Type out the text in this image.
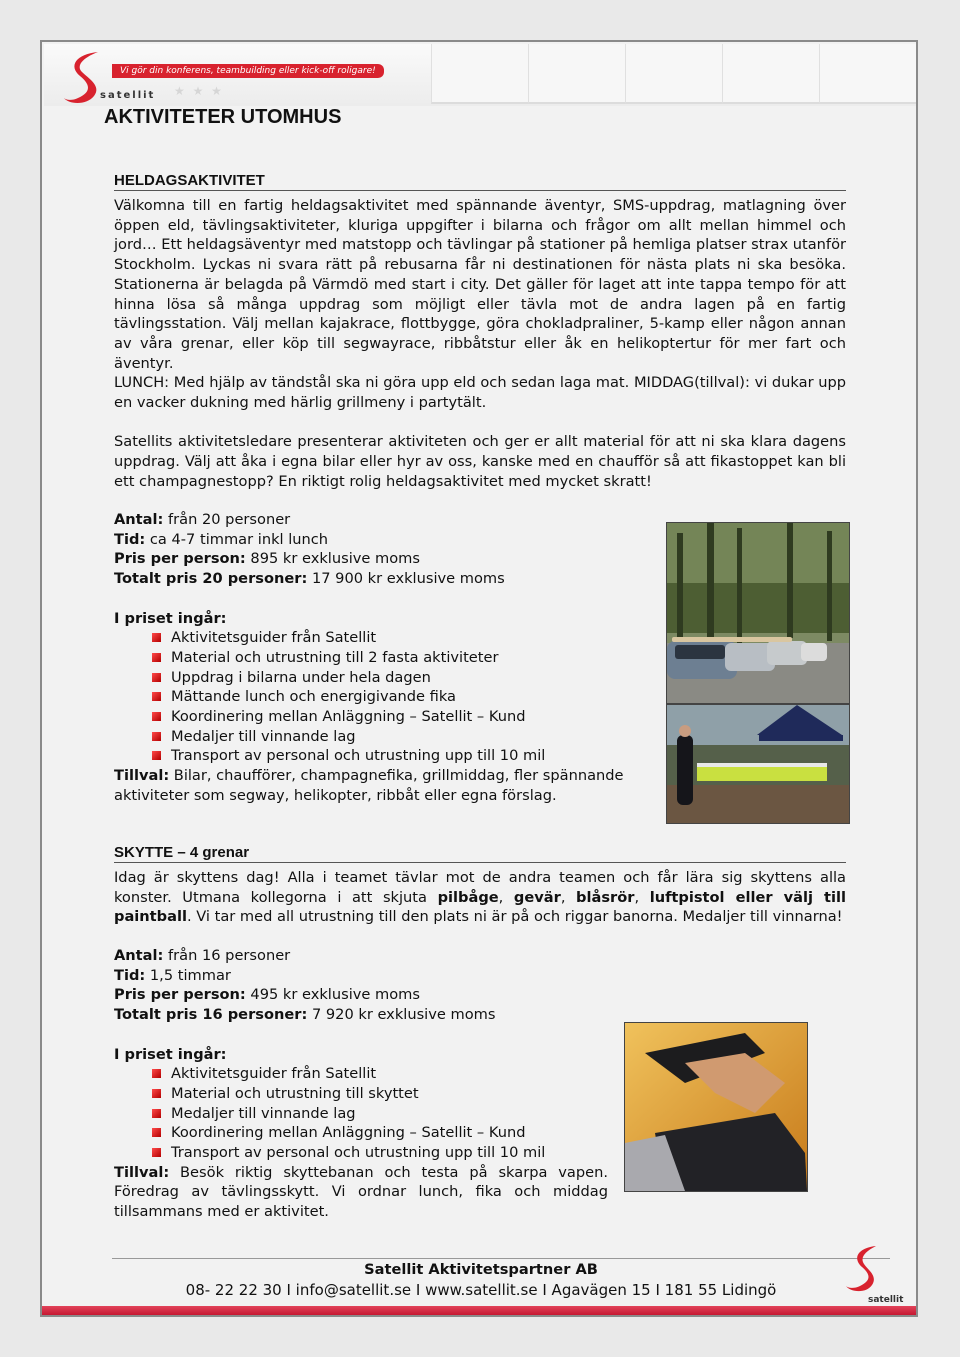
satellit
Vi gör din konferens, teambuilding eller kick-off roligare!
★ ★ ★
AKTIVITETER UTOMHUS
HELDAGSAKTIVITET

Välkomna till en fartig heldagsaktivitet med spännande äventyr, SMS-uppdrag, matlagning över öppen eld, tävlingsaktiviteter, kluriga uppgifter i bilarna och frågor om allt mellan himmel och jord… Ett heldagsäventyr med matstopp och tävlingar på stationer på hemliga platser strax utanför Stockholm. Lyckas ni svara rätt på rebusarna får ni destinationen för nästa plats ni ska besöka. Stationerna är belagda på Värmdö med start i city. Det gäller för laget att inte tappa tempo för att hinna lösa så många uppdrag som möjligt eller tävla mot de andra lagen på en fartig tävlingsstation. Välj mellan kajakrace, flottbygge, göra chokladpraliner, 5-kamp eller någon annan av våra grenar, eller köp till segwayrace, ribbåtstur eller åk en helikoptertur för mer fart och äventyr.

LUNCH: Med hjälp av tändstål ska ni göra upp eld och sedan laga mat. MIDDAG(tillval): vi dukar upp en vacker dukning med härlig grillmeny i partytält.

Satellits aktivitetsledare presenterar aktiviteten och ger er allt material för att ni ska klara dagens uppdrag. Välj att åka i egna bilar eller hyr av oss, kanske med en chaufför så att fikastoppet kan bli ett champagnestopp? En riktigt rolig heldagsaktivitet med mycket skratt!

Antal: från 20 personer
Tid: ca 4-7 timmar inkl lunch
Pris per person: 895 kr exklusive moms
Totalt pris 20 personer: 17 900 kr exklusive moms
I priset ingår:
Aktivitetsguider från Satellit
Material och utrustning till 2 fasta aktiviteter
Uppdrag i bilarna under hela dagen
Mättande lunch och energigivande fika
Koordinering mellan Anläggning – Satellit – Kund
Medaljer till vinnande lag
Transport av personal och utrustning upp till 10 mil
Tillval: Bilar, chaufförer, champagnefika, grillmiddag, fler spännande aktiviteter som segway, helikopter, ribbåt eller egna förslag.
SKYTTE – 4 grenar

Idag är skyttens dag! Alla i teamet tävlar mot de andra teamen och får lära sig skyttens alla konster. Utmana kollegorna i att skjuta pilbåge, gevär, blåsrör, luftpistol eller välj till paintball. Vi tar med all utrustning till den plats ni är på och riggar banorna. Medaljer till vinnarna!

Antal: från 16 personer
Tid: 1,5 timmar
Pris per person: 495 kr exklusive moms
Totalt pris 16 personer: 7 920 kr exklusive moms
I priset ingår:
Aktivitetsguider från Satellit
Material och utrustning till skyttet
Medaljer till vinnande lag
Koordinering mellan Anläggning – Satellit – Kund
Transport av personal och utrustning upp till 10 mil
Tillval: Besök riktig skyttebanan och testa på skarpa vapen. Föredrag av tävlingsskytt. Vi ordnar lunch, fika och middag tillsammans med er aktivitet.
Satellit Aktivitetspartner AB
08- 22 22 30 I info@satellit.se I www.satellit.se I Agavägen 15 I 181 55 Lidingö
satellit
